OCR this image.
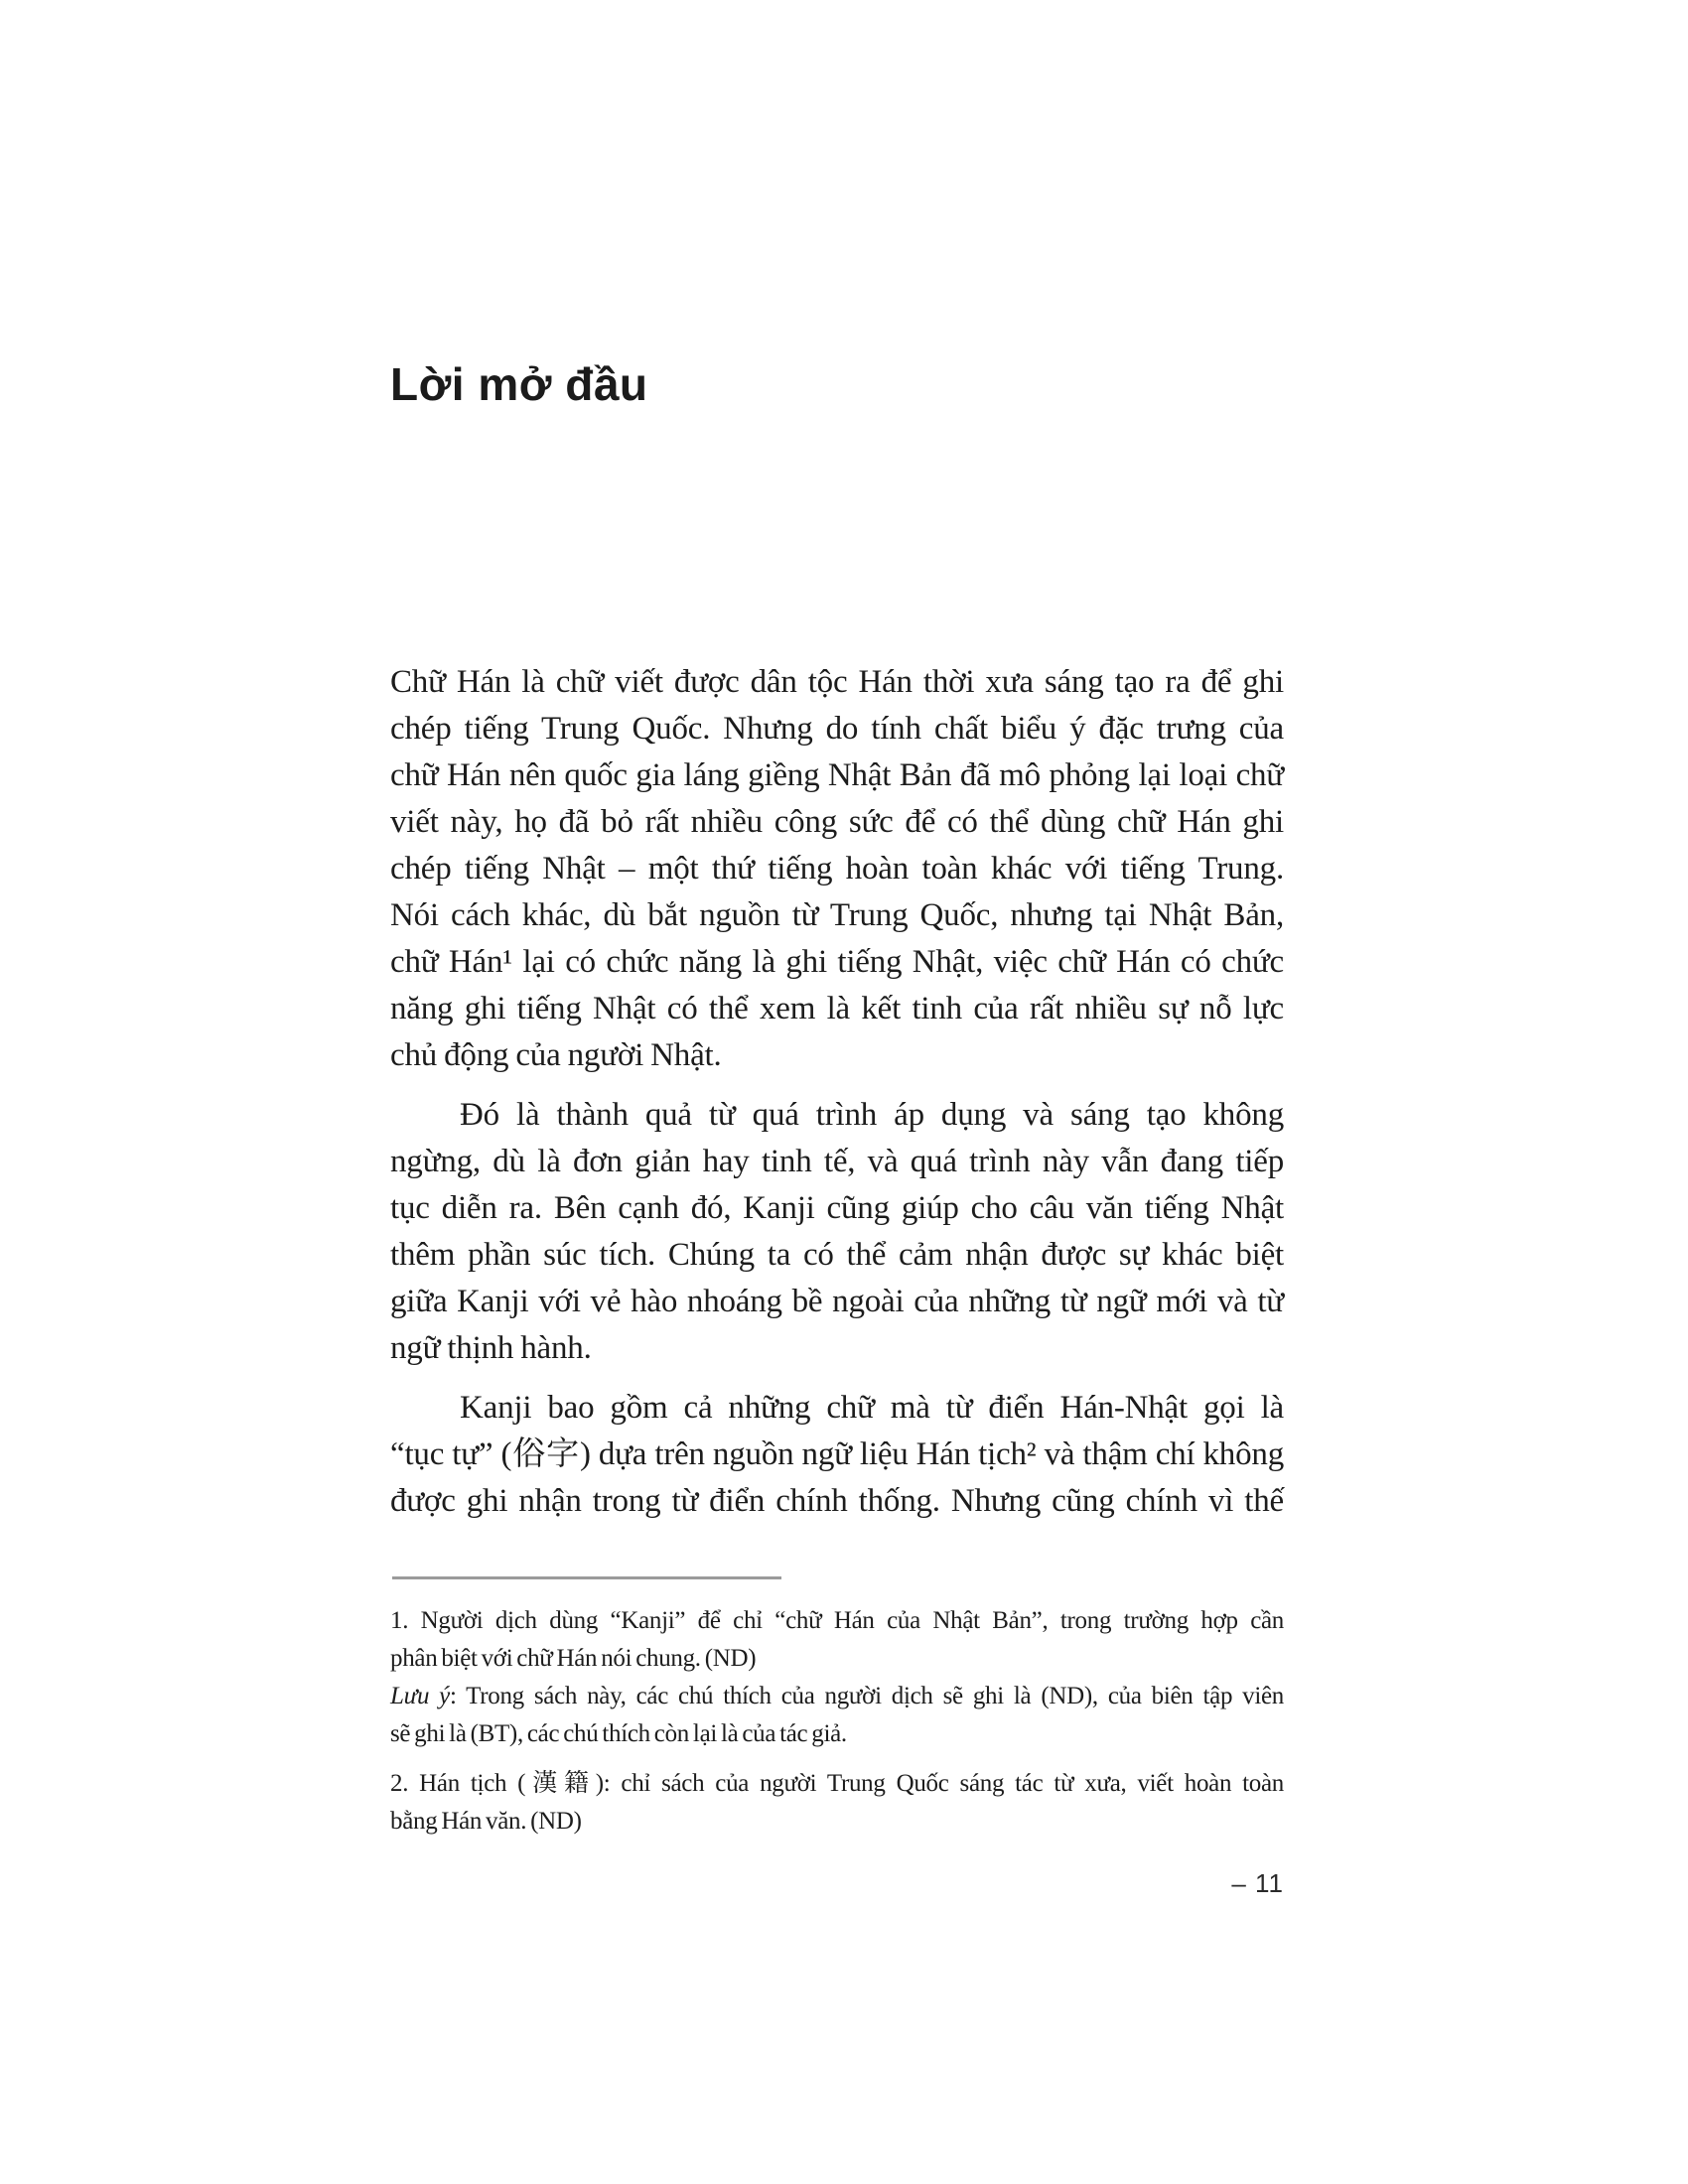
Lời mở đầu
Chữ Hán là chữ viết được dân tộc Hán thời xưa sáng tạo ra để ghi
chép tiếng Trung Quốc. Nhưng do tính chất biểu ý đặc trưng của
chữ Hán nên quốc gia láng giềng Nhật Bản đã mô phỏng lại loại chữ
viết này, họ đã bỏ rất nhiều công sức để có thể dùng chữ Hán ghi
chép tiếng Nhật – một thứ tiếng hoàn toàn khác với tiếng Trung.
Nói cách khác, dù bắt nguồn từ Trung Quốc, nhưng tại Nhật Bản,
chữ Hán¹ lại có chức năng là ghi tiếng Nhật, việc chữ Hán có chức
năng ghi tiếng Nhật có thể xem là kết tinh của rất nhiều sự nỗ lực
chủ động của người Nhật.
Đó là thành quả từ quá trình áp dụng và sáng tạo không
ngừng, dù là đơn giản hay tinh tế, và quá trình này vẫn đang tiếp
tục diễn ra. Bên cạnh đó, Kanji cũng giúp cho câu văn tiếng Nhật
thêm phần súc tích. Chúng ta có thể cảm nhận được sự khác biệt
giữa Kanji với vẻ hào nhoáng bề ngoài của những từ ngữ mới và từ
ngữ thịnh hành.
Kanji bao gồm cả những chữ mà từ điển Hán-Nhật gọi là
“tục tự” (俗字) dựa trên nguồn ngữ liệu Hán tịch² và thậm chí không
được ghi nhận trong từ điển chính thống. Nhưng cũng chính vì thế
1. Người dịch dùng “Kanji” để chỉ “chữ Hán của Nhật Bản”, trong trường hợp cần
phân biệt với chữ Hán nói chung. (ND)
Lưu ý: Trong sách này, các chú thích của người dịch sẽ ghi là (ND), của biên tập viên
sẽ ghi là (BT), các chú thích còn lại là của tác giả.
2. Hán tịch (漢籍): chỉ sách của người Trung Quốc sáng tác từ xưa, viết hoàn toàn
bằng Hán văn. (ND)
– 11
